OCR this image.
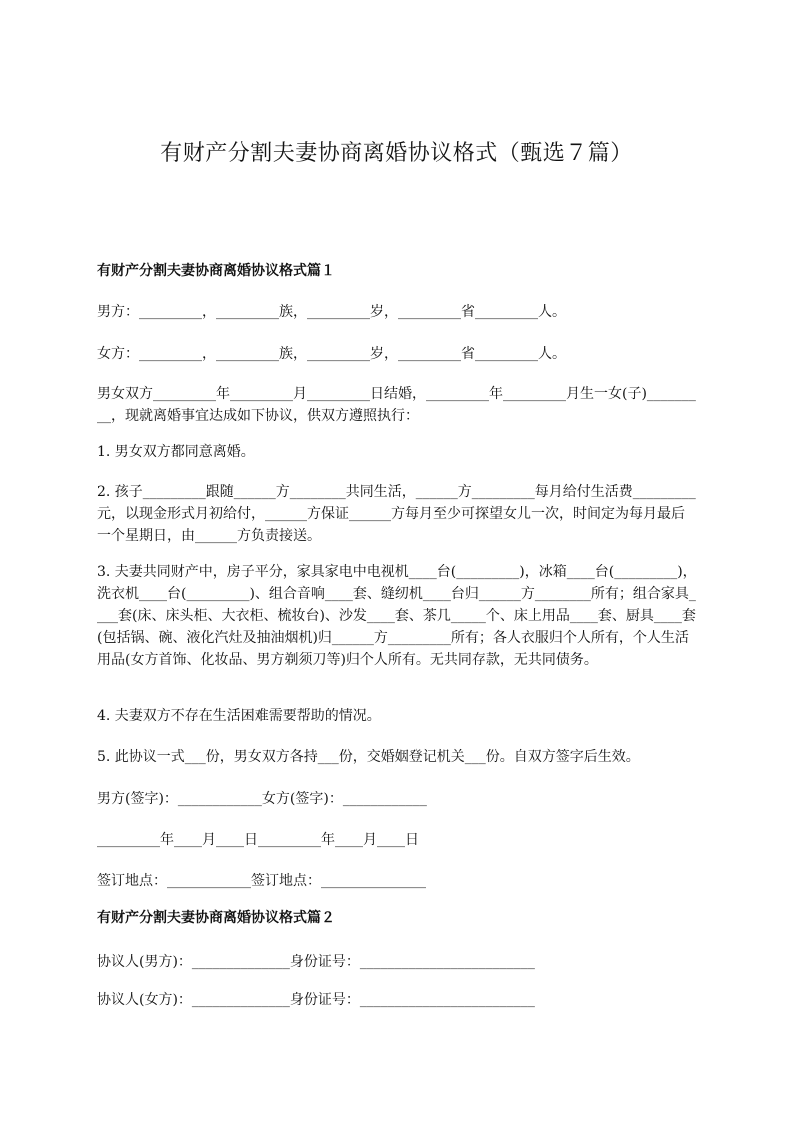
有财产分割夫妻协商离婚协议格式（甄选７篇）
有财产分割夫妻协商离婚协议格式篇１
男方：_________，_________族，_________岁，_________省_________人。
女方：_________，_________族，_________岁，_________省_________人。
男女双方_________年_________月_________日结婚，_________年_________月生一女(子)_________，现就离婚事宜达成如下协议，供双方遵照执行：
1. 男女双方都同意离婚。
2. 孩子_________跟随______方________共同生活，______方_________每月给付生活费_________元，以现金形式月初给付，______方保证______方每月至少可探望女儿一次，时间定为每月最后一个星期日，由______方负责接送。
3. 夫妻共同财产中，房子平分，家具家电中电视机____台(_________)，冰箱____台(_________)，洗衣机____台(_________)、组合音响____套、缝纫机____台归______方________所有；组合家具____套(床、床头柜、大衣柜、梳妆台)、沙发____套、茶几_____个、床上用品____套、厨具____套(包括锅、碗、液化汽灶及抽油烟机)归______方_________所有；各人衣服归个人所有，个人生活用品(女方首饰、化妆品、男方剃须刀等)归个人所有。无共同存款，无共同债务。
4. 夫妻双方不存在生活困难需要帮助的情况。
5. 此协议一式___份，男女双方各持___份，交婚姻登记机关___份。自双方签字后生效。
男方(签字)：____________女方(签字)：____________
_________年____月____日_________年____月____日
签订地点：____________签订地点：_______________
有财产分割夫妻协商离婚协议格式篇２
协议人(男方)：______________身份证号：_________________________
协议人(女方)：______________身份证号：_________________________
